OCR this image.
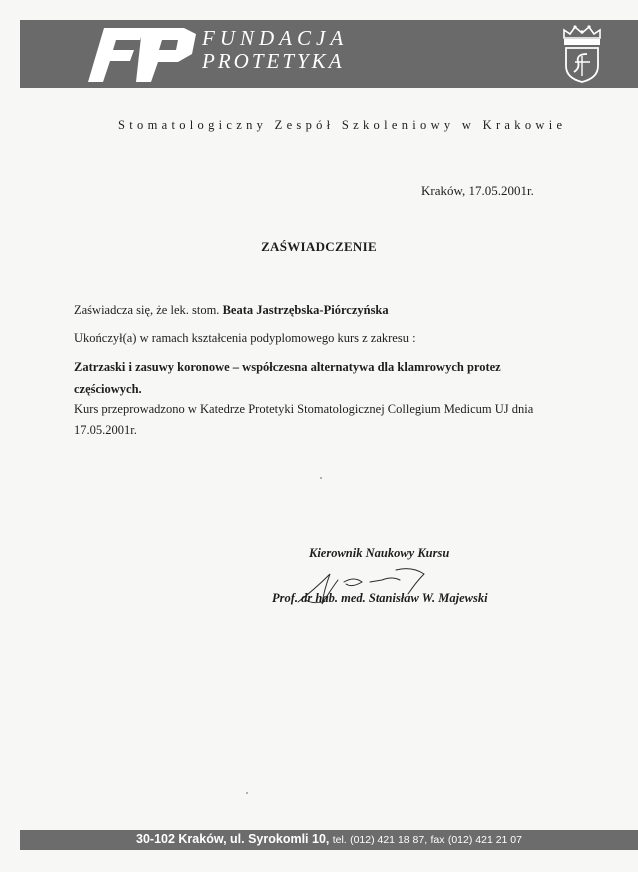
FUNDACJA
PROTETYKA
Stomatologiczny Zespół Szkoleniowy w Krakowie
Kraków, 17.05.2001r.
ZAŚWIADCZENIE
Zaświadcza się, że lek. stom. Beata Jastrzębska-Piórczyńska
Ukończył(a) w ramach kształcenia podyplomowego kurs z zakresu :
Zatrzaski i zasuwy koronowe – współczesna alternatywa dla klamrowych protez częściowych.
Kurs przeprowadzono w Katedrze Protetyki Stomatologicznej Collegium Medicum UJ dnia 17.05.2001r.
Kierownik Naukowy Kursu
Prof. dr hab. med. Stanisław W. Majewski
30-102 Kraków, ul. Syrokomli 10, tel. (012) 421 18 87, fax (012) 421 21 07
